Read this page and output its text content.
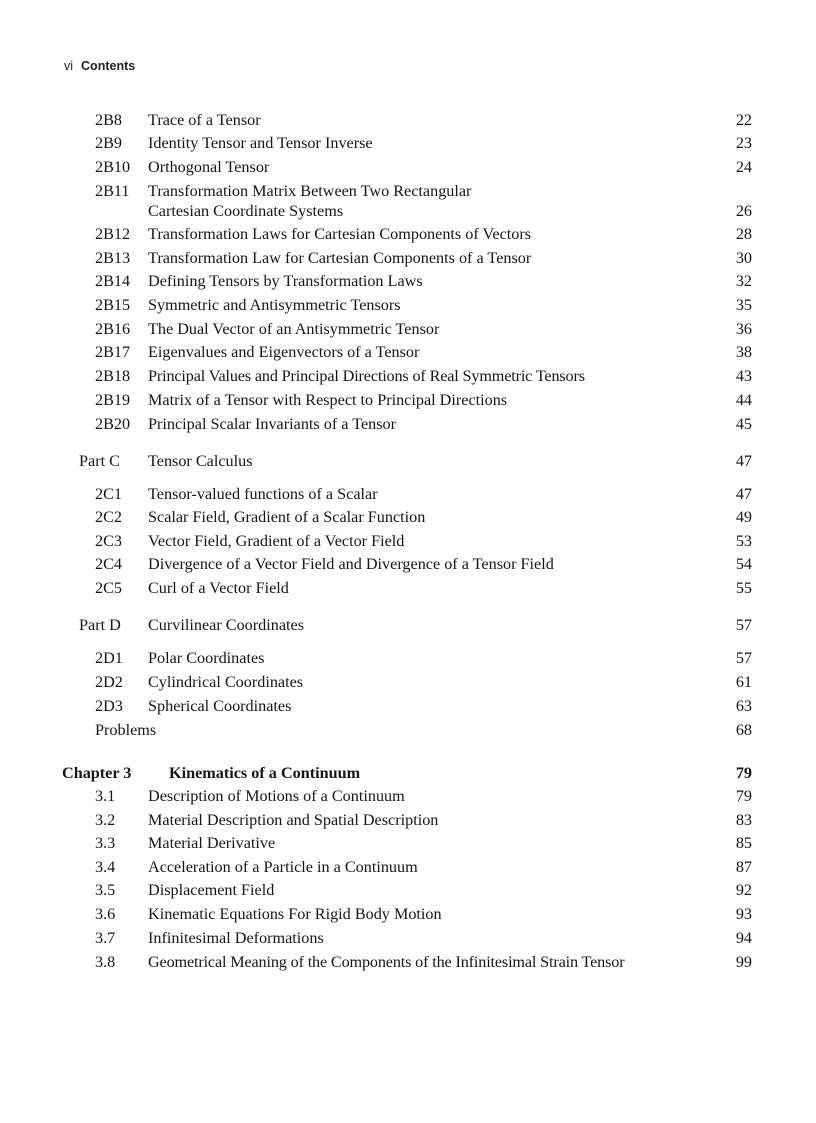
vi Contents
2B8 Trace of a Tensor	22
2B9 Identity Tensor and Tensor Inverse	23
2B10 Orthogonal Tensor	24
2B11 Transformation Matrix Between Two Rectangular
Cartesian Coordinate Systems	26
2B12 Transformation Laws for Cartesian Components of Vectors	28
2B13 Transformation Law for Cartesian Components of a Tensor	30
2B14 Defining Tensors by Transformation Laws	32
2B15 Symmetric and Antisymmetric Tensors	35
2B16 The Dual Vector of an Antisymmetric Tensor	36
2B17 Eigenvalues and Eigenvectors of a Tensor	38
2B18 Principal Values and Principal Directions of Real Symmetric Tensors	43
2B19 Matrix of a Tensor with Respect to Principal Directions	44
2B20 Principal Scalar Invariants of a Tensor	45
Part C Tensor Calculus	47
2C1 Tensor-valued functions of a Scalar	47
2C2 Scalar Field, Gradient of a Scalar Function	49
2C3 Vector Field, Gradient of a Vector Field	53
2C4 Divergence of a Vector Field and Divergence of a Tensor Field	54
2C5 Curl of a Vector Field	55
Part D Curvilinear Coordinates	57
2D1 Polar Coordinates	57
2D2 Cylindrical Coordinates	61
2D3 Spherical Coordinates	63
Problems	68
Chapter 3 Kinematics of a Continuum	79
3.1 Description of Motions of a Continuum	79
3.2 Material Description and Spatial Description	83
3.3 Material Derivative	85
3.4 Acceleration of a Particle in a Continuum	87
3.5 Displacement Field	92
3.6 Kinematic Equations For Rigid Body Motion	93
3.7 Infinitesimal Deformations	94
3.8 Geometrical Meaning of the Components of the Infinitesimal Strain Tensor	99
